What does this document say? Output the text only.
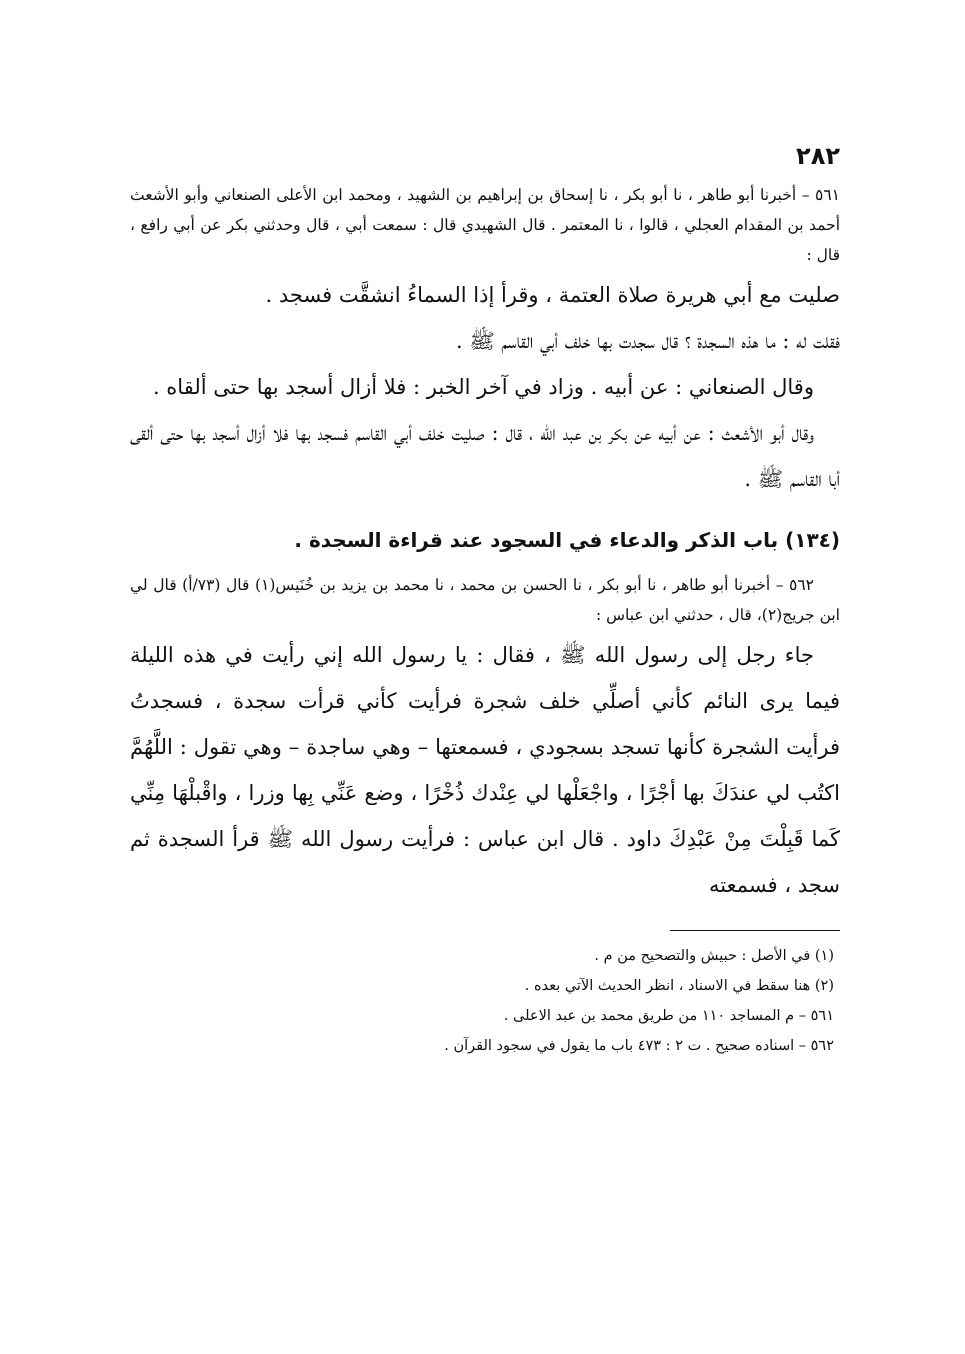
٢٨٢

٥٦١ – أخبرنا أبو طاهر ، نا أبو بكر ، نا إسحاق بن إبراهيم بن الشهيد ، ومحمد ابن الأعلى الصنعاني وأبو الأشعث أحمد بن المقدام العجلي ، قالوا ، نا المعتمر . قال الشهيدي قال : سمعت أبي ، قال وحدثني بكر عن أبي رافع ، قال :

صليت مع أبي هريرة صلاة العتمة ، وقرأ إذا السماءُ انشقَّت فسجد .

فقلت له : ما هذه السجدة ؟ قال سجدت بها خلف أبي القاسم ﷺ .

وقال الصنعاني : عن أبيه . وزاد في آخر الخبر : فلا أزال أسجد بها حتى ألقاه .

وقال أبو الأشعث : عن أبيه عن بكر بن عبد الله ، قال : صليت خلف أبي القاسم فسجد بها فلا أزال أسجد بها حتى ألقى أبا القاسم ﷺ .

(١٣٤) باب الذكر والدعاء في السجود عند قراءة السجدة .

٥٦٢ – أخبرنا أبو طاهر ، نا أبو بكر ، نا الحسن بن محمد ، نا محمد بن يزيد بن خُنَيس(١) قال (٧٣/أ) قال لي ابن جريج(٢)، قال ، حدثني ابن عباس :

جاء رجل إلى رسول الله ﷺ ، فقال : يا رسول الله إني رأيت في هذه الليلة فيما يرى النائم كأني أصلِّي خلف شجرة فرأيت كأني قرأت سجدة ، فسجدتُ فرأيت الشجرة كأنها تسجد بسجودي ، فسمعتها – وهي ساجدة – وهي تقول : اللَّهُمَّ اكتُب لي عندَكَ بها أجْرًا ، واجْعَلْها لي عِنْدك ذُخْرًا ، وضع عَنِّي بِها وزرا ، واقْبلْهَا مِنِّي كَما قَبِلْتَ مِنْ عَبْدِكَ داود . قال ابن عباس : فرأيت رسول الله ﷺ قرأ السجدة ثم سجد ، فسمعته

(١) في الأصل : حبيش والتصحيح من م .

(٢) هنا سقط في الاسناد ، انظر الحديث الآتي بعده .

٥٦١ – م المساجد ١١٠ من طريق محمد بن عبد الاعلى .

٥٦٢ – اسناده صحيح . ت ٢ : ٤٧٣ باب ما يقول في سجود القرآن .
